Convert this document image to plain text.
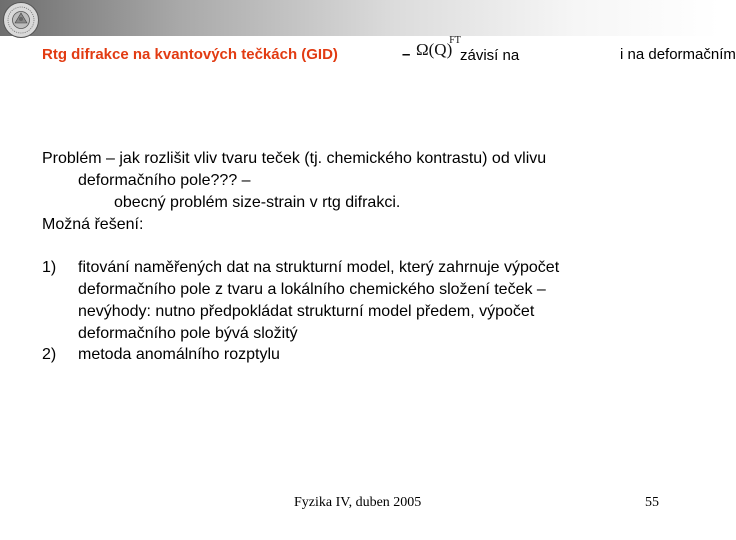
Rtg difrakce na kvantových tečkách (GID)	– $\Omega(Q)^{FT}$
závisí na	i na deformačním
Problém – jak rozlišit vliv tvaru teček (tj. chemického kontrastu) od vlivu
deformačního pole??? –
obecný problém size-strain v rtg difrakci.
Možná řešení:
1) fitování naměřených dat na strukturní model, který zahrnuje výpočet
deformačního pole z tvaru a lokálního chemického složení teček –
nevýhody: nutno předpokládat strukturní model předem, výpočet
deformačního pole bývá složitý
2) metoda anomálního rozptylu
Fyzika IV, duben 2005	55
